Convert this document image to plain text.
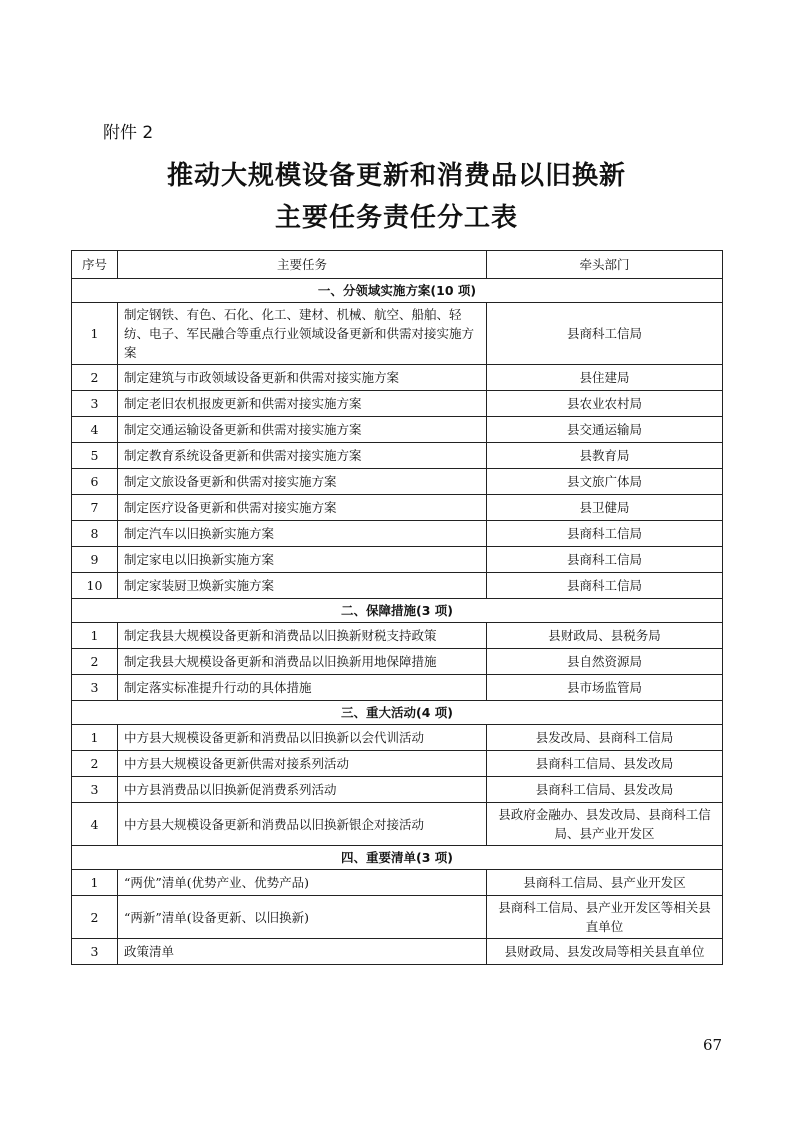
附件 2
推动大规模设备更新和消费品以旧换新
主要任务责任分工表
序号	主要任务	牵头部门
一、分领域实施方案(10 项)		
1	制定钢铁、有色、石化、化工、建材、机械、航空、船舶、轻纺、电子、军民融合等重点行业领域设备更新和供需对接实施方案	县商科工信局
2	制定建筑与市政领域设备更新和供需对接实施方案	县住建局
3	制定老旧农机报废更新和供需对接实施方案	县农业农村局
4	制定交通运输设备更新和供需对接实施方案	县交通运输局
5	制定教育系统设备更新和供需对接实施方案	县教育局
6	制定文旅设备更新和供需对接实施方案	县文旅广体局
7	制定医疗设备更新和供需对接实施方案	县卫健局
8	制定汽车以旧换新实施方案	县商科工信局
9	制定家电以旧换新实施方案	县商科工信局
10	制定家装厨卫焕新实施方案	县商科工信局
二、保障措施(3 项)		
1	制定我县大规模设备更新和消费品以旧换新财税支持政策	县财政局、县税务局
2	制定我县大规模设备更新和消费品以旧换新用地保障措施	县自然资源局
3	制定落实标准提升行动的具体措施	县市场监管局
三、重大活动(4 项)		
1	中方县大规模设备更新和消费品以旧换新以会代训活动	县发改局、县商科工信局
2	中方县大规模设备更新供需对接系列活动	县商科工信局、县发改局
3	中方县消费品以旧换新促消费系列活动	县商科工信局、县发改局
4	中方县大规模设备更新和消费品以旧换新银企对接活动	县政府金融办、县发改局、县商科工信局、县产业开发区
四、重要清单(3 项)		
1	“两优”清单(优势产业、优势产品)	县商科工信局、县产业开发区
2	“两新”清单(设备更新、以旧换新)	县商科工信局、县产业开发区等相关县直单位
3	政策清单	县财政局、县发改局等相关县直单位
67
